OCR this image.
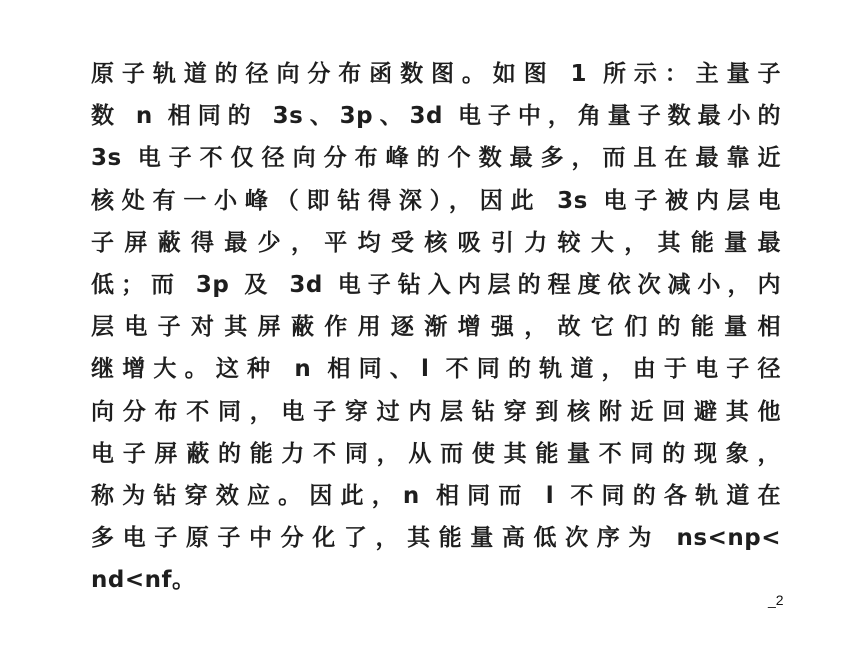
原子轨道的径向分布函数图。如图 1 所示：主量子
数 n 相同的 3s、3p、3d 电子中，角量子数最小的
3s 电子不仅径向分布峰的个数最多，而且在最靠近
核处有一小峰（即钻得深），因此 3s 电子被内层电
子屏蔽得最少，平均受核吸引力较大，其能量最
低；而 3p 及 3d 电子钻入内层的程度依次减小，内
层电子对其屏蔽作用逐渐增强，故它们的能量相
继增大。这种 n 相同、l 不同的轨道，由于电子径
向分布不同，电子穿过内层钻穿到核附近回避其他
电子屏蔽的能力不同，从而使其能量不同的现象，
称为钻穿效应。因此，n 相同而 l 不同的各轨道在
多电子原子中分化了，其能量高低次序为 ns<np<
nd<nf。
_2
